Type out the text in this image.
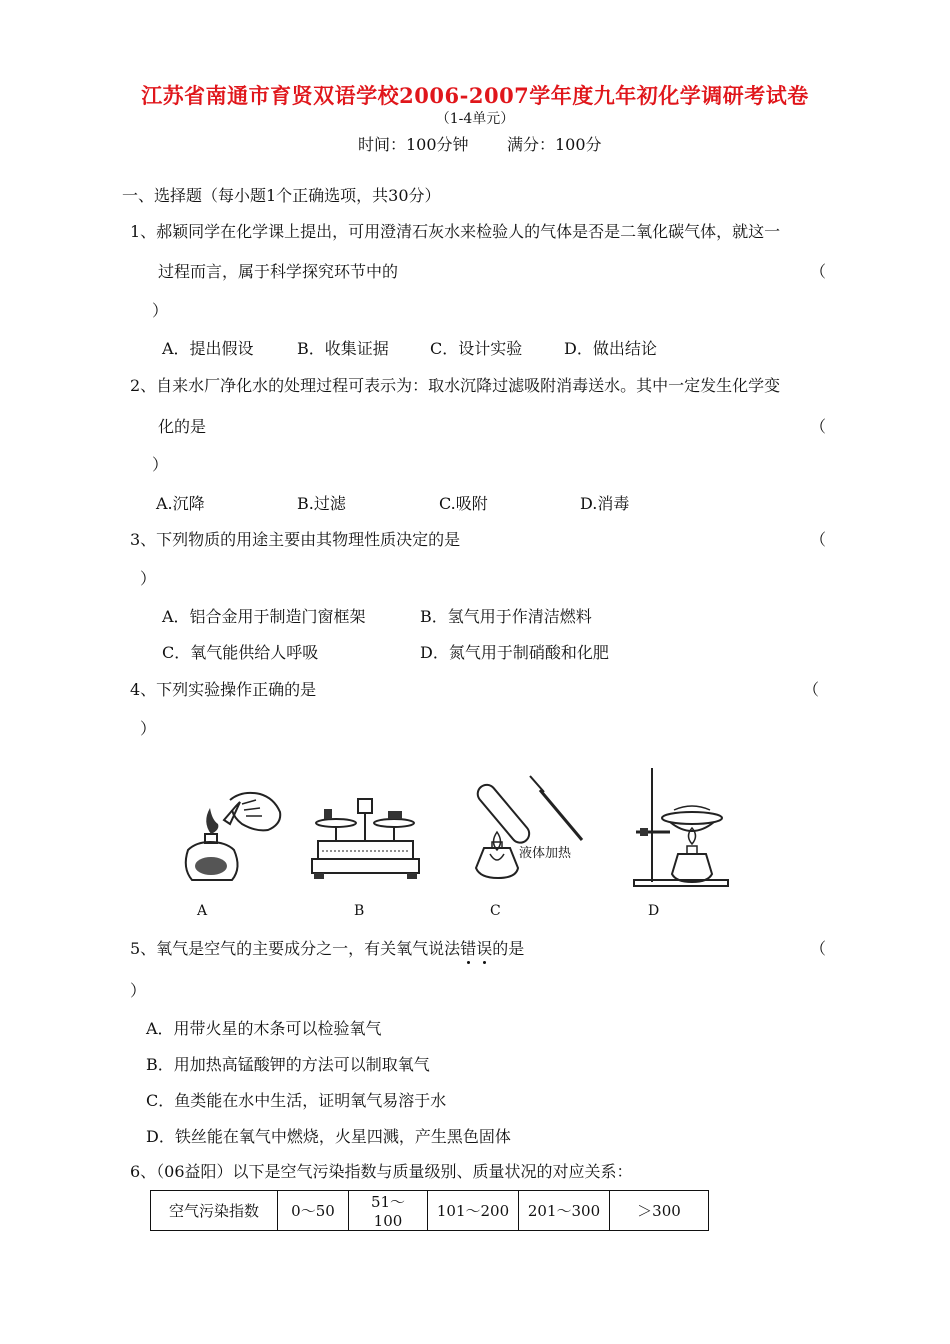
江苏省南通市育贤双语学校2006-2007学年度九年初化学调研考试卷
（1-4单元）
时间：100分钟 满分：100分
一、选择题（每小题1个正确选项，共30分）
1、郝颖同学在化学课上提出，可用澄清石灰水来检验人的气体是否是二氧化碳气体，就这一
过程而言，属于科学探究环节中的	（
）
A．提出假设	B．收集证据	C．设计实验	D．做出结论
2、自来水厂净化水的处理过程可表示为：取水沉降过滤吸附消毒送水。其中一定发生化学变
化的是	（
）
A.沉降	B.过滤	C.吸附	D.消毒
3、下列物质的用途主要由其物理性质决定的是	（
）
A．铝合金用于制造门窗框架	B．氢气用于作清洁燃料
C．氧气能供给人呼吸	D．氮气用于制硝酸和化肥
4、下列实验操作正确的是	（
）
液体加热
A	B	C	D
5、氧气是空气的主要成分之一，有关氧气说法错误的是	（
）
A．用带火星的木条可以检验氧气
B．用加热高锰酸钾的方法可以制取氧气
C．鱼类能在水中生活，证明氧气易溶于水
D．铁丝能在氧气中燃烧，火星四溅，产生黑色固体
6、（06益阳）以下是空气污染指数与质量级别、质量状况的对应关系：
空气污染指数	0～50	51～100	101～200	201～300	＞300
